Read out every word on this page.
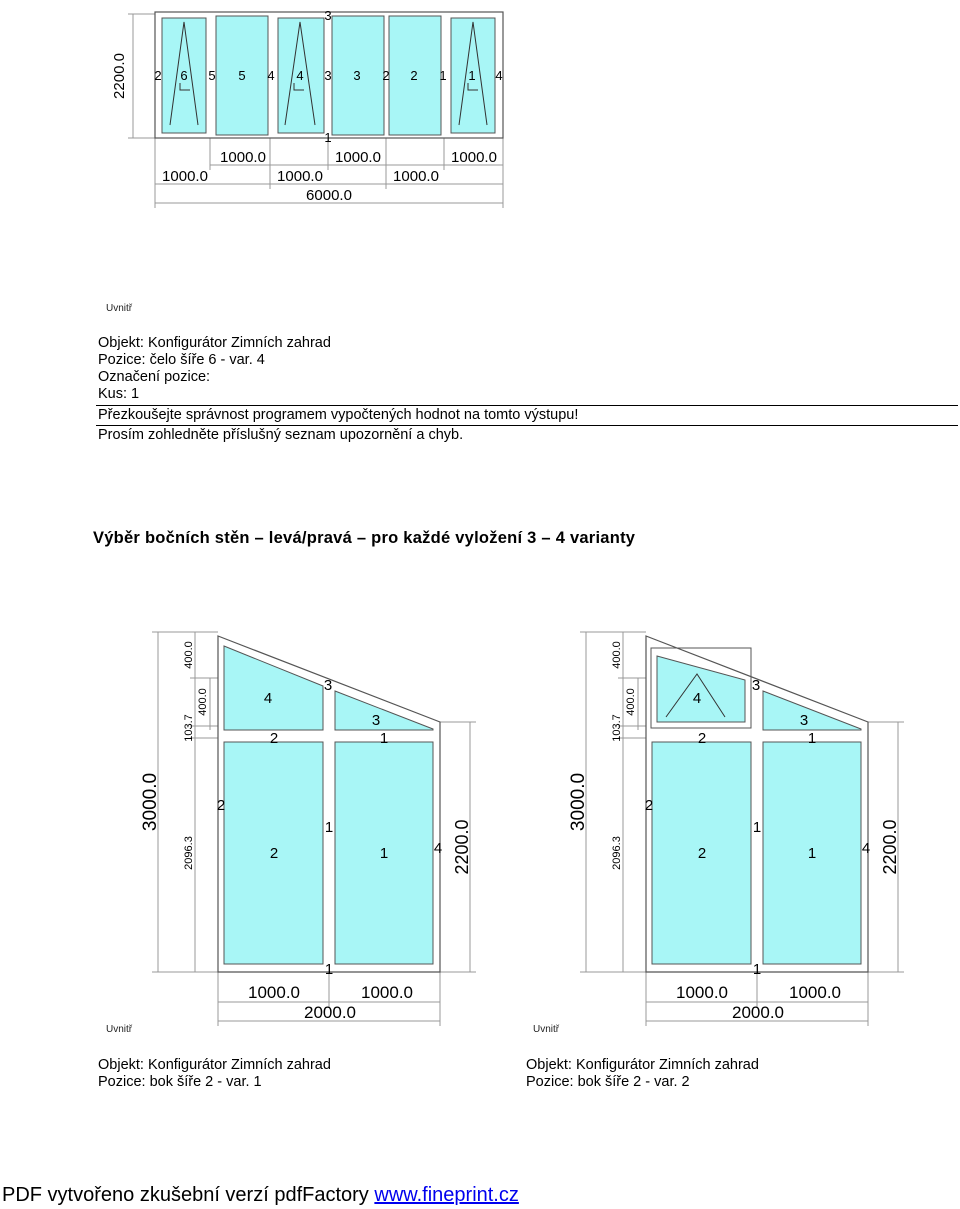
3
2 6 5 5 4 4 3 3 2 2 1 1 4
1
2200.0
1000.0	1000.0	1000.0
1000.0	1000.0	1000.0
6000.0
Uvnitř
Objekt: Konfigurátor Zimních zahrad
Pozice: čelo šíře 6 - var. 4
Označení pozice:
Kus: 1
Přezkoušejte správnost programem vypočtených hodnot na tomto výstupu!
Prosím zohledněte příslušný seznam upozornění a chyb.
Výběr bočních stěn – levá/pravá – pro každé vyložení 3 – 4 varianty
4
3
3
2	1
2
1
2	1	4
1
3000.0
400.0
400.0
103.7
2096.3	2200.0
1000.0	1000.0
2000.0
4
3
3
2	1
2
1
2	1	4
1
3000.0
400.0
400.0
103.7
2096.3	2200.0
1000.0	1000.0
2000.0
Uvnitř	Uvnitř
Objekt: Konfigurátor Zimních zahrad
Pozice: bok šíře 2 - var. 1
Objekt: Konfigurátor Zimních zahrad
Pozice: bok šíře 2 - var. 2
PDF vytvořeno zkušební verzí pdfFactory www.fineprint.cz
